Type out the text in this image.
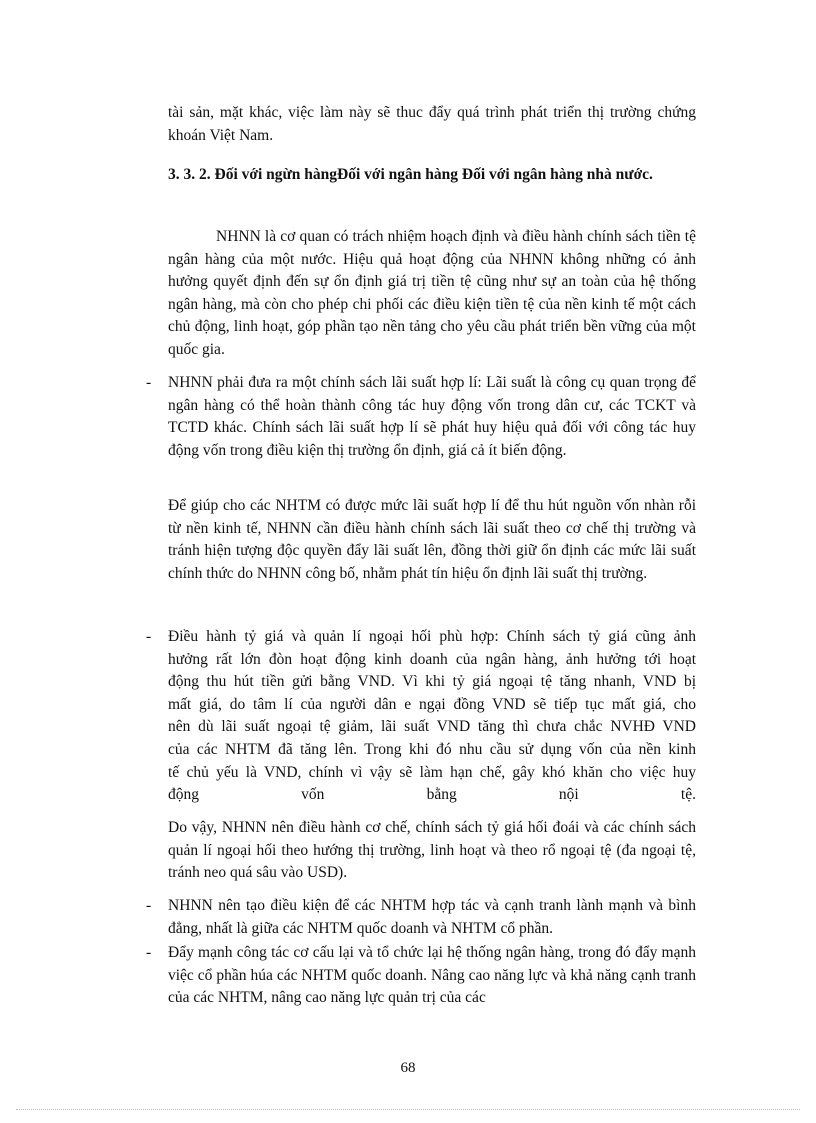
tài sản, mặt khác, việc làm này sẽ thuc đẩy quá trình phát triển thị trường chứng khoán Việt Nam.

3. 3. 2. Đối với ngừn hàngĐối với ngân hàng Đối với ngân hàng nhà nước.

NHNN là cơ quan có trách nhiệm hoạch định và điều hành chính sách tiền tệ ngân hàng của một nước. Hiệu quả hoạt động của NHNN không những có ảnh hưởng quyết định đến sự ổn định giá trị tiền tệ cũng như sự an toàn của hệ thống ngân hàng, mà còn cho phép chi phối các điều kiện tiền tệ của nền kinh tế một cách chủ động, linh hoạt, góp phần tạo nền tảng cho yêu cầu phát triển bền vững của một quốc gia.

- NHNN phải đưa ra một chính sách lãi suất hợp lí: Lãi suất là công cụ quan trọng để ngân hàng có thể hoàn thành công tác huy động vốn trong dân cư, các TCKT và TCTD khác. Chính sách lãi suất hợp lí sẽ phát huy hiệu quả đối với công tác huy động vốn trong điều kiện thị trường ổn định, giá cả ít biến động.

Để giúp cho các NHTM có được mức lãi suất hợp lí để thu hút nguồn vốn nhàn rỗi từ nền kinh tế, NHNN cần điều hành chính sách lãi suất theo cơ chế thị trường và tránh hiện tượng độc quyền đẩy lãi suất lên, đồng thời giữ ổn định các mức lãi suất chính thức do NHNN công bố, nhằm phát tín hiệu ổn định lãi suất thị trường.

- Điều hành tỷ giá và quản lí ngoại hối phù hợp: Chính sách tỷ giá cũng ảnh
hưởng rất lớn đòn hoạt động kinh doanh của ngân hàng, ảnh hưởng tới hoạt
động thu hút tiền gửi bằng VND. Vì khi tỷ giá ngoại tệ tăng nhanh, VND bị
mất giá, do tâm lí của người dân e ngại đồng VND sẽ tiếp tục mất giá, cho
nên dù lãi suất ngoại tệ giảm, lãi suất VND tăng thì chưa chắc NVHĐ VND
của các NHTM đã tăng lên. Trong khi đó nhu cầu sử dụng vốn của nền kinh
tế chủ yếu là VND, chính vì vậy sẽ làm hạn chế, gây khó khăn cho việc huy
động	vốn	bằng	nội	tệ.

Do vậy, NHNN nên điều hành cơ chế, chính sách tỷ giá hối đoái và các chính sách quản lí ngoại hối theo hướng thị trường, linh hoạt và theo rổ ngoại tệ (đa ngoại tệ, tránh neo quá sâu vào USD).

- NHNN nên tạo điều kiện để các NHTM hợp tác và cạnh tranh lành mạnh và bình đẳng, nhất là giữa các NHTM quốc doanh và NHTM cổ phần.

- Đẩy mạnh công tác cơ cấu lại và tổ chức lại hệ thống ngân hàng, trong đó đẩy mạnh việc cổ phần húa các NHTM quốc doanh. Nâng cao năng lực và khả năng cạnh tranh của các NHTM, nâng cao năng lực quản trị của các

68
